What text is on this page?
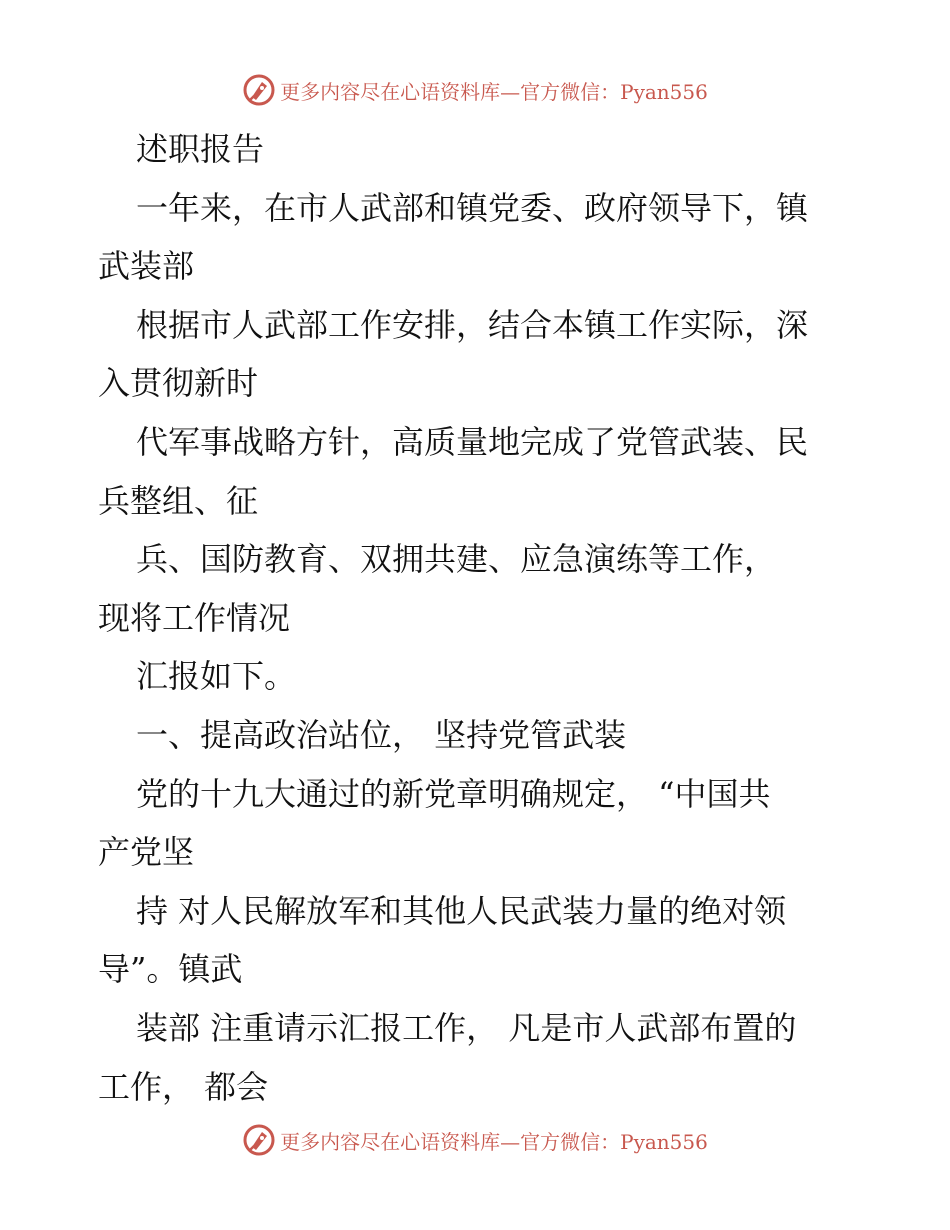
更多内容尽在心语资料库—官方微信：Pyan556
述职报告
一年来，在市人武部和镇党委、政府领导下，镇
武装部
根据市人武部工作安排，结合本镇工作实际，深
入贯彻新时
代军事战略方针，高质量地完成了党管武装、民
兵整组、征
兵、国防教育、双拥共建、应急演练等工作，
现将工作情况
汇报如下。
一、提高政治站位， 坚持党管武装
党的十九大通过的新党章明确规定， “中国共
产党坚
持 对人民解放军和其他人民武装力量的绝对领
导”。镇武
装部 注重请示汇报工作， 凡是市人武部布置的
工作， 都会
更多内容尽在心语资料库—官方微信：Pyan556
